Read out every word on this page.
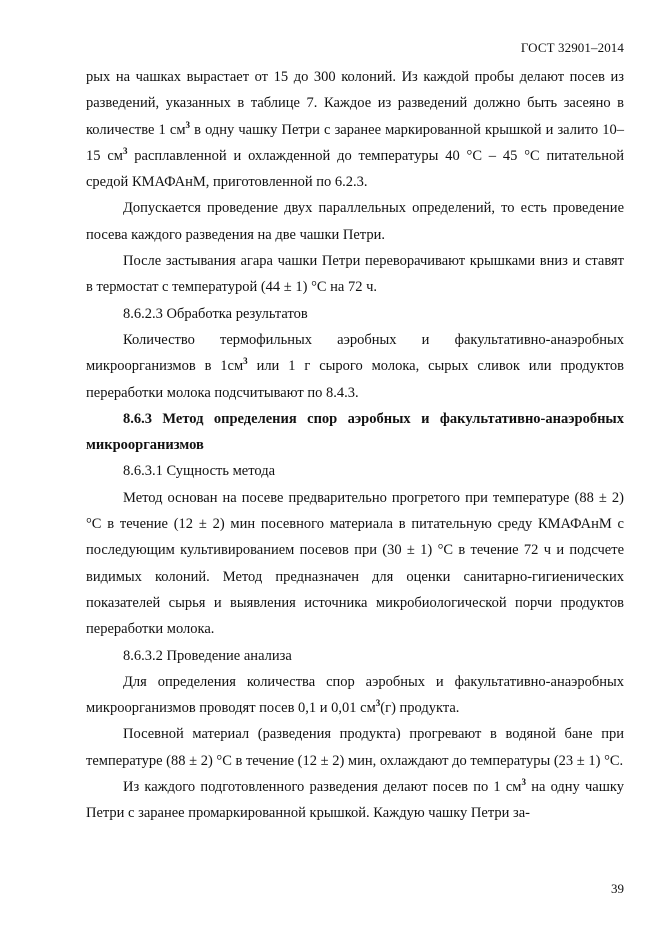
ГОСТ 32901–2014

рых на чашках вырастает от 15 до 300 колоний. Из каждой пробы делают посев из разведений, указанных в таблице 7. Каждое из разведений должно быть засеяно в количестве 1 $см^3$ в одну чашку Петри с заранее маркированной крышкой и залито 10–15 $см^3$ расплавленной и охлажденной до температуры 40 °С – 45 °С питательной средой КМАФАнМ, приготовленной по 6.2.3.

Допускается проведение двух параллельных определений, то есть проведение посева каждого разведения на две чашки Петри.

После застывания агара чашки Петри переворачивают крышками вниз и ставят в термостат с температурой (44 ± 1) °С на 72 ч.

8.6.2.3 Обработка результатов

Количество термофильных аэробных и факультативно-анаэробных микроорганизмов в $1см^3$ или 1 г сырого молока, сырых сливок или продуктов переработки молока подсчитывают по 8.4.3.

8.6.3 Метод определения спор аэробных и факультативно-анаэробных микроорганизмов

8.6.3.1 Сущность метода

Метод основан на посеве предварительно прогретого при температуре (88 ± 2) °С в течение (12 ± 2) мин посевного материала в питательную среду КМАФАнМ с последующим культивированием посевов при (30 ± 1) °С в течение 72 ч и подсчете видимых колоний. Метод предназначен для оценки санитарно-гигиенических показателей сырья и выявления источника микробиологической порчи продуктов переработки молока.

8.6.3.2 Проведение анализа

Для определения количества спор аэробных и факультативно-анаэробных микроорганизмов проводят посев 0,1 и 0,01 $см^3(г)$ продукта.

Посевной материал (разведения продукта) прогревают в водяной бане при температуре (88 ± 2) °С в течение (12 ± 2) мин, охлаждают до температуры (23 ± 1) °С.

Из каждого подготовленного разведения делают посев по 1 $см^3$ на одну чашку Петри с заранее промаркированной крышкой. Каждую чашку Петри за-

39
